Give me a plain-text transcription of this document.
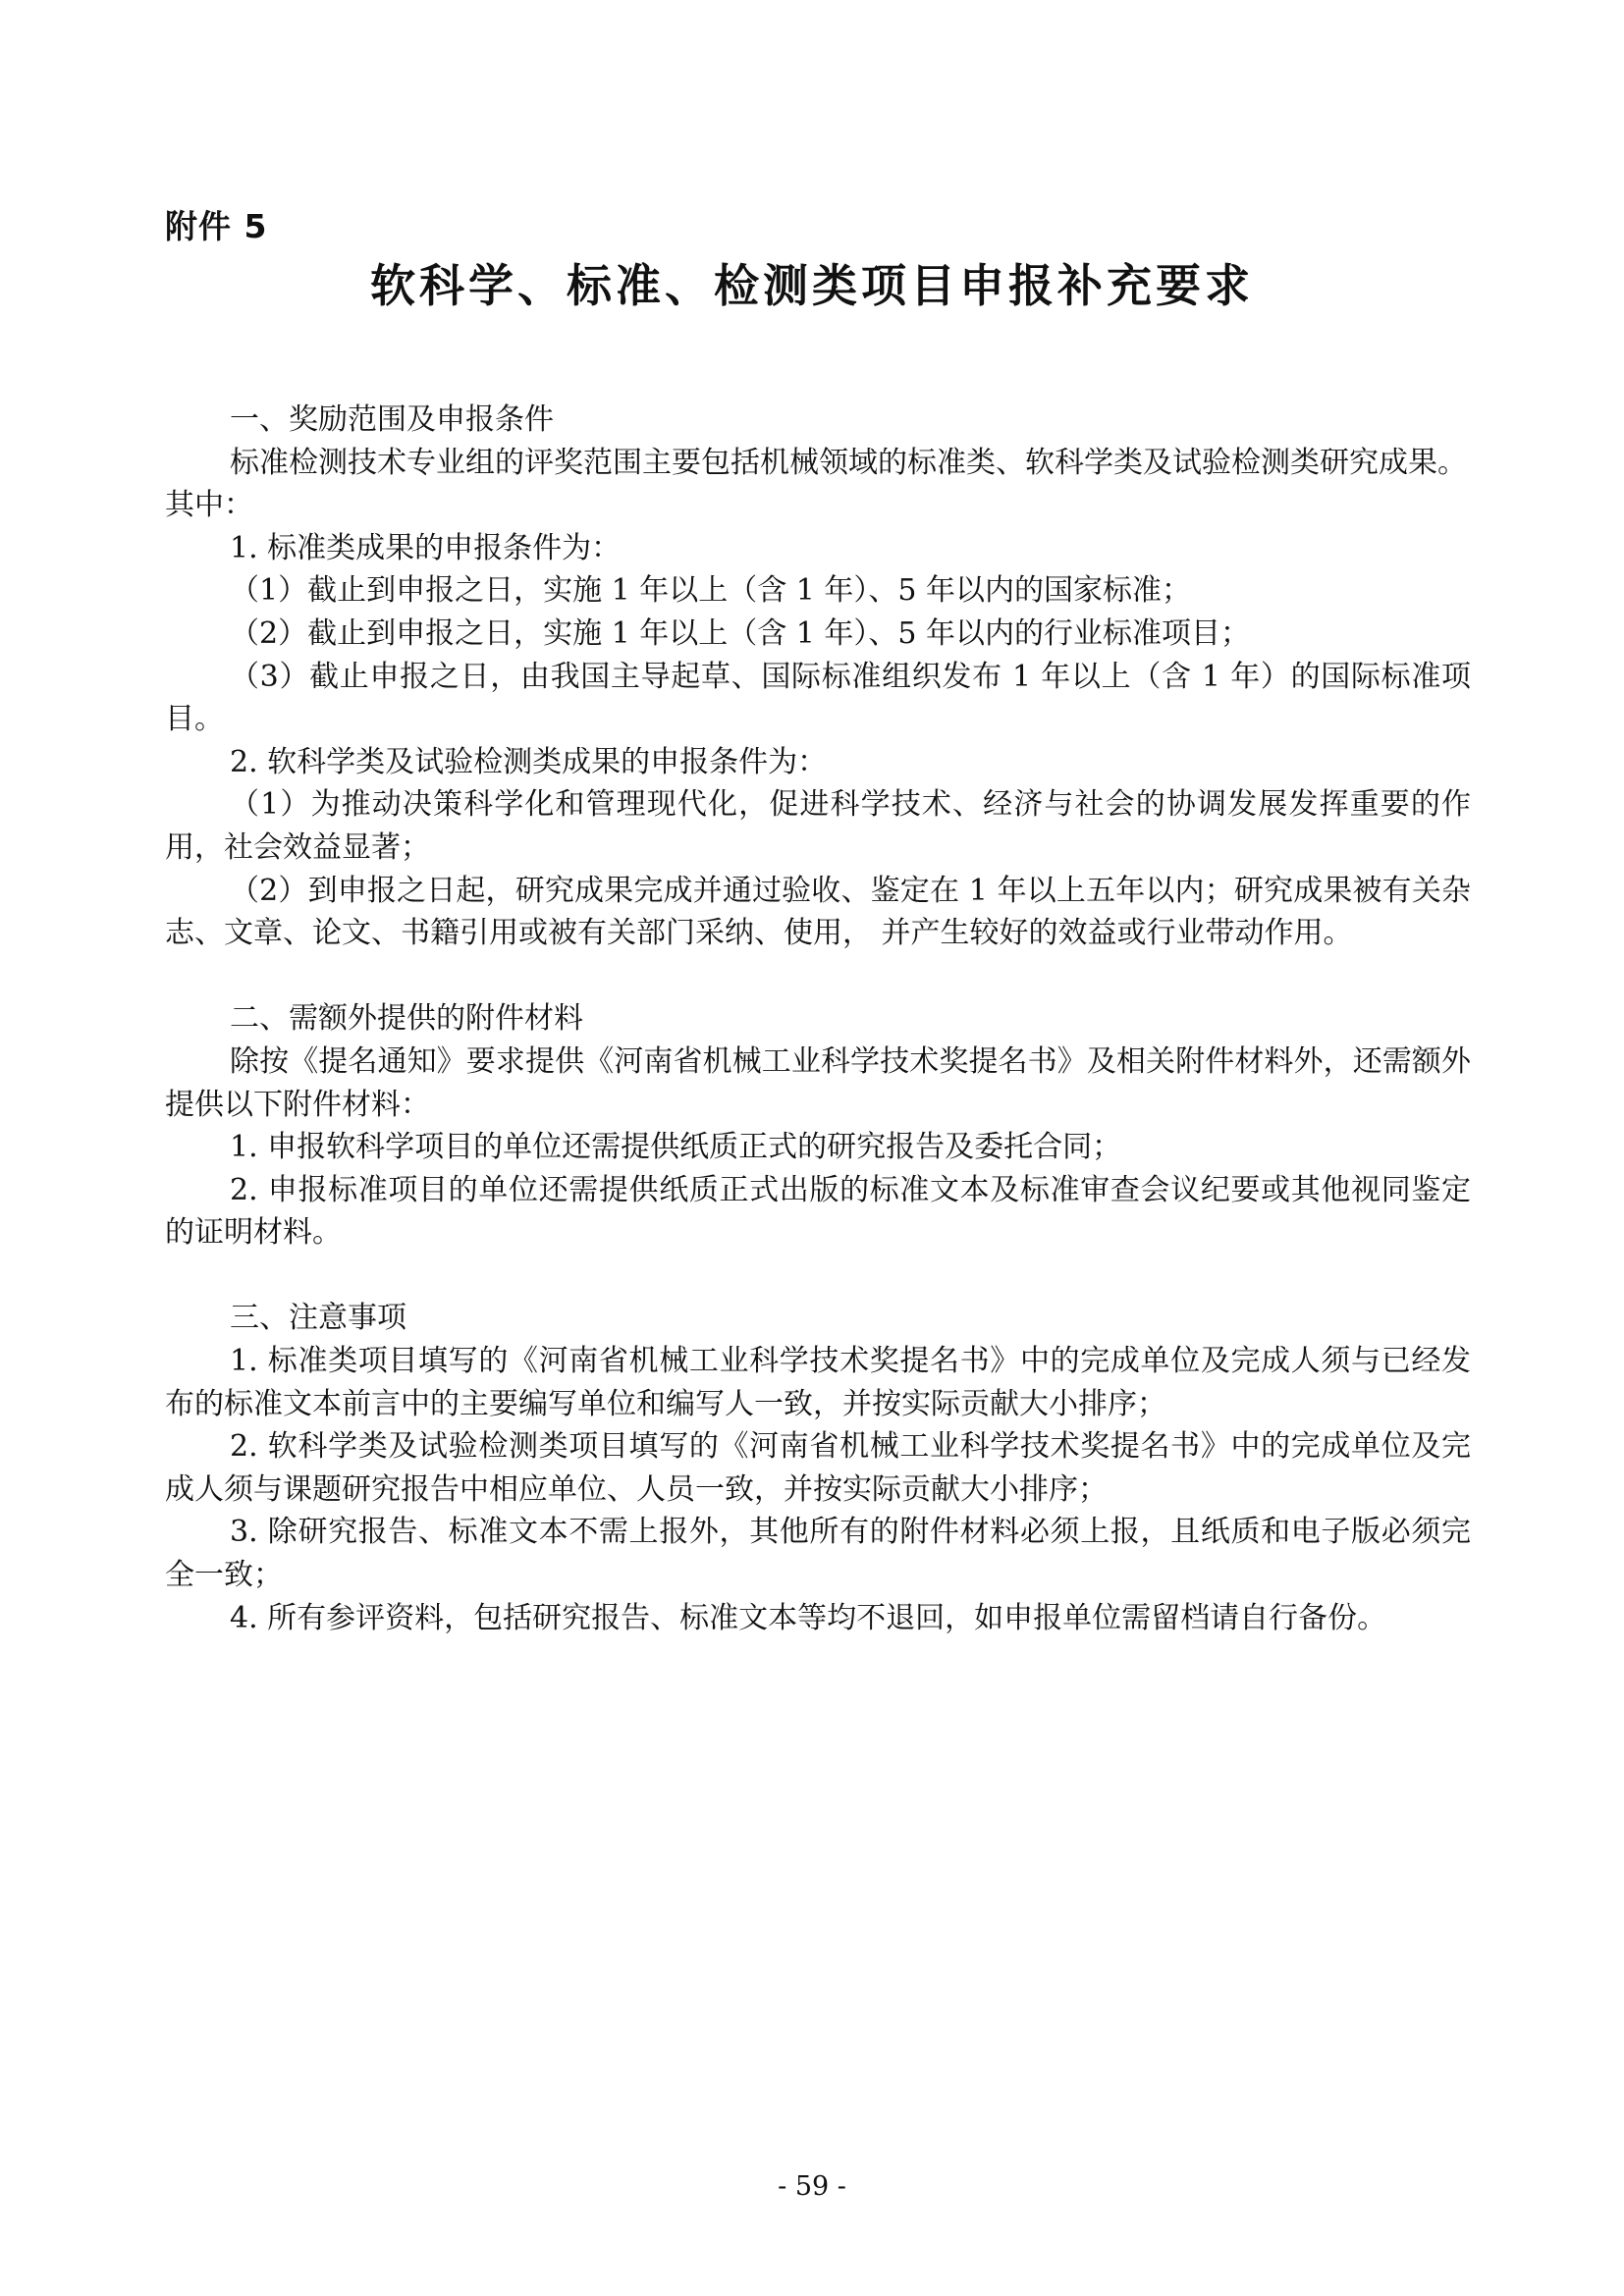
附件 5
软科学、标准、检测类项目申报补充要求

一、奖励范围及申报条件

标准检测技术专业组的评奖范围主要包括机械领域的标准类、软科学类及试验检测类研究成果。

其中：

1. 标准类成果的申报条件为：

（1）截止到申报之日，实施 1 年以上（含 1 年）、5 年以内的国家标准；

（2）截止到申报之日，实施 1 年以上（含 1 年）、5 年以内的行业标准项目；

（3）截止申报之日，由我国主导起草、国际标准组织发布 1 年以上（含 1 年）的国际标准项目。

2. 软科学类及试验检测类成果的申报条件为：

（1）为推动决策科学化和管理现代化，促进科学技术、经济与社会的协调发展发挥重要的作用，社会效益显著；

（2）到申报之日起，研究成果完成并通过验收、鉴定在 1 年以上五年以内；研究成果被有关杂志、文章、论文、书籍引用或被有关部门采纳、使用， 并产生较好的效益或行业带动作用。

二、需额外提供的附件材料

除按《提名通知》要求提供《河南省机械工业科学技术奖提名书》及相关附件材料外，还需额外提供以下附件材料：

1. 申报软科学项目的单位还需提供纸质正式的研究报告及委托合同；

2. 申报标准项目的单位还需提供纸质正式出版的标准文本及标准审查会议纪要或其他视同鉴定的证明材料。

三、注意事项

1. 标准类项目填写的《河南省机械工业科学技术奖提名书》中的完成单位及完成人须与已经发布的标准文本前言中的主要编写单位和编写人一致，并按实际贡献大小排序；

2. 软科学类及试验检测类项目填写的《河南省机械工业科学技术奖提名书》中的完成单位及完成人须与课题研究报告中相应单位、人员一致，并按实际贡献大小排序；

3. 除研究报告、标准文本不需上报外，其他所有的附件材料必须上报，且纸质和电子版必须完全一致；

4. 所有参评资料，包括研究报告、标准文本等均不退回，如申报单位需留档请自行备份。

- 59 -
